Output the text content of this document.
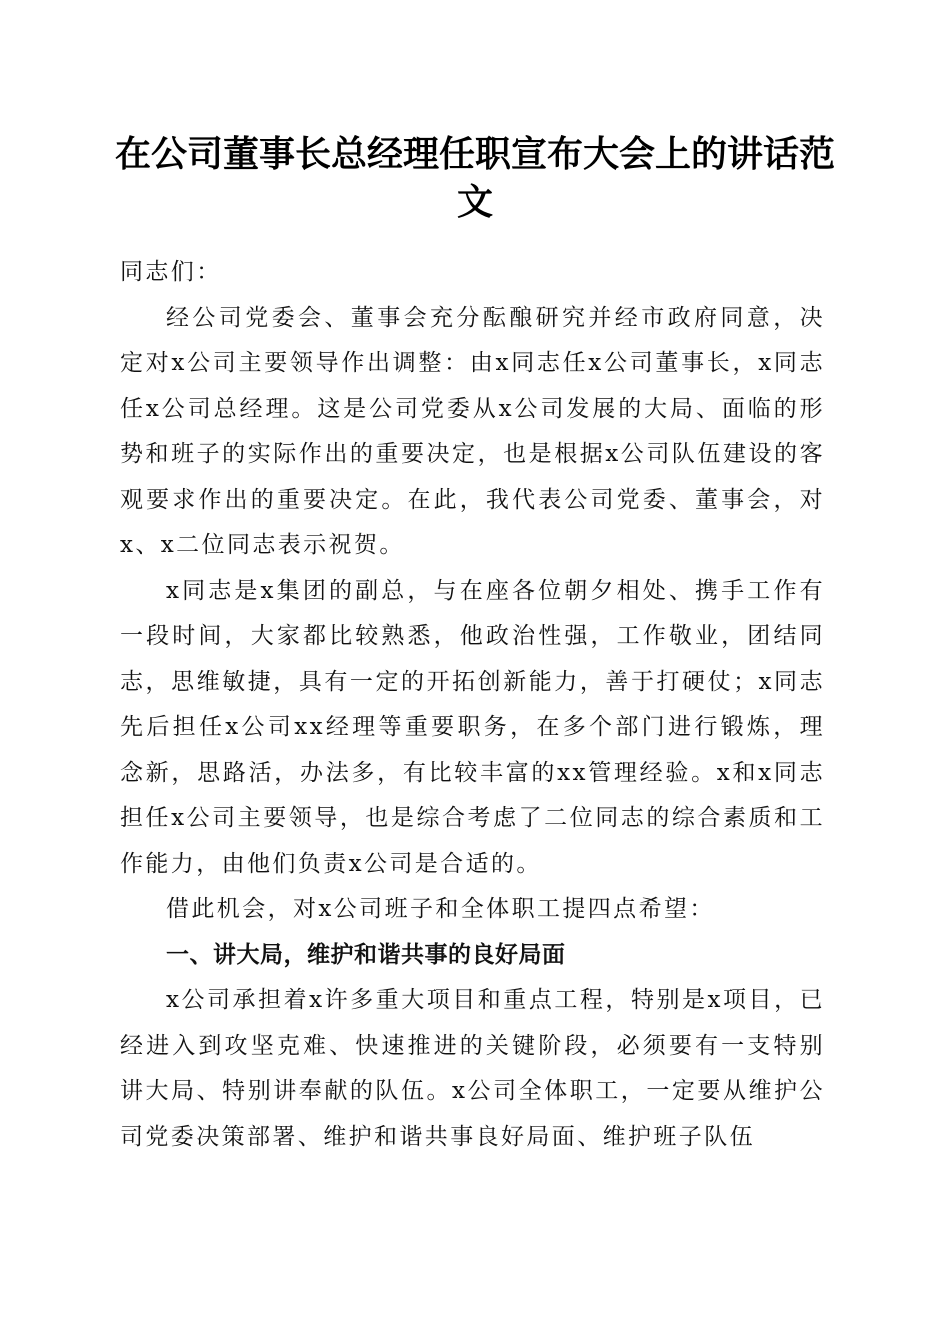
在公司董事长总经理任职宣布大会上的讲话范文

同志们：

经公司党委会、董事会充分酝酿研究并经市政府同意，决定对x公司主要领导作出调整：由x同志任x公司董事长，x同志任x公司总经理。这是公司党委从x公司发展的大局、面临的形势和班子的实际作出的重要决定，也是根据x公司队伍建设的客观要求作出的重要决定。在此，我代表公司党委、董事会，对x、x二位同志表示祝贺。

x同志是x集团的副总，与在座各位朝夕相处、携手工作有一段时间，大家都比较熟悉，他政治性强，工作敬业，团结同志，思维敏捷，具有一定的开拓创新能力，善于打硬仗；x同志先后担任x公司xx经理等重要职务，在多个部门进行锻炼，理念新，思路活，办法多，有比较丰富的xx管理经验。x和x同志担任x公司主要领导，也是综合考虑了二位同志的综合素质和工作能力，由他们负责x公司是合适的。

借此机会，对x公司班子和全体职工提四点希望：

一、讲大局，维护和谐共事的良好局面

x公司承担着x许多重大项目和重点工程，特别是x项目，已经进入到攻坚克难、快速推进的关键阶段，必须要有一支特别讲大局、特别讲奉献的队伍。x公司全体职工，一定要从维护公司党委决策部署、维护和谐共事良好局面、维护班子队伍
